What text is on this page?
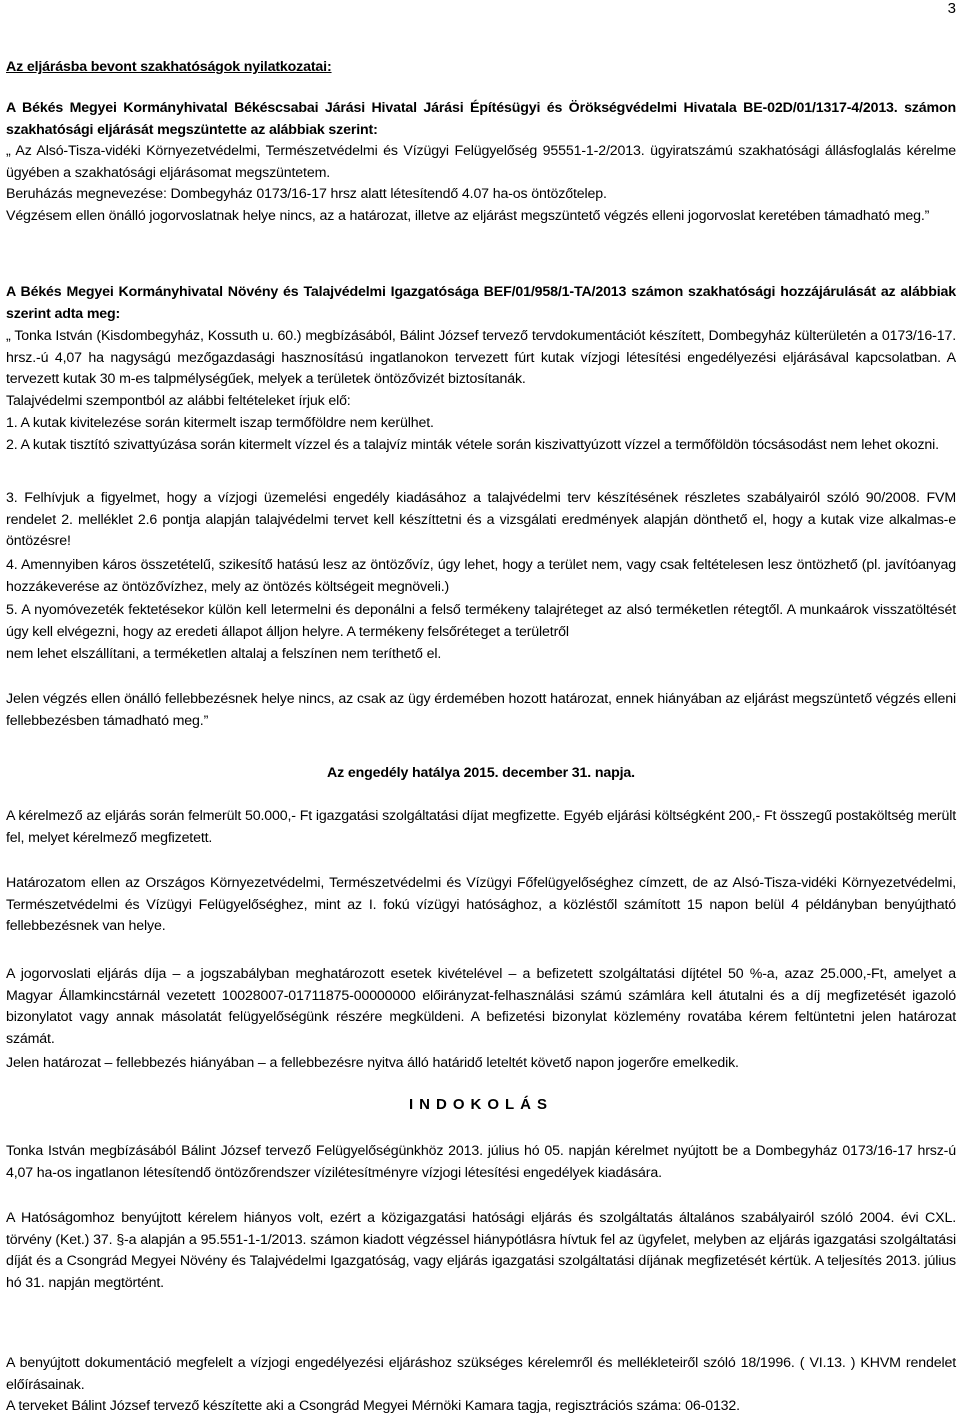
3
Az eljárásba bevont szakhatóságok nyilatkozatai:
A Békés Megyei Kormányhivatal Békéscsabai Járási Hivatal Járási Építésügyi és Örökségvédelmi Hivatala BE-02D/01/1317-4/2013. számon szakhatósági eljárását megszüntette az alábbiak szerint:
„ Az Alsó-Tisza-vidéki Környezetvédelmi, Természetvédelmi és Vízügyi Felügyelőség 95551-1-2/2013. ügyiratszámú szakhatósági állásfoglalás kérelme ügyében a szakhatósági eljárásomat megszüntetem.
Beruházás megnevezése: Dombegyház 0173/16-17 hrsz alatt létesítendő 4.07 ha-os öntözőtelep.
Végzésem ellen önálló jogorvoslatnak helye nincs, az a határozat, illetve az eljárást megszüntető végzés elleni jogorvoslat keretében támadható meg.”
A Békés Megyei Kormányhivatal Növény és Talajvédelmi Igazgatósága BEF/01/958/1-TA/2013 számon szakhatósági hozzájárulását az alábbiak szerint adta meg:
„ Tonka István (Kisdombegyház, Kossuth u. 60.) megbízásából, Bálint József tervező tervdokumentációt készített, Dombegyház külterületén a 0173/16-17. hrsz.-ú 4,07 ha nagyságú mezőgazdasági hasznosítású ingatlanokon tervezett fúrt kutak vízjogi létesítési engedélyezési eljárásával kapcsolatban. A tervezett kutak 30 m-es talpmélységűek, melyek a területek öntözővizét biztosítanák.
Talajvédelmi szempontból az alábbi feltételeket írjuk elő:
1. A kutak kivitelezése során kitermelt iszap termőföldre nem kerülhet.
2. A kutak tisztító szivattyúzása során kitermelt vízzel és a talajvíz minták vétele során kiszivattyúzott vízzel a termőföldön tócsásodást nem lehet okozni.
3. Felhívjuk a figyelmet, hogy a vízjogi üzemelési engedély kiadásához a talajvédelmi terv készítésének részletes szabályairól szóló 90/2008. FVM rendelet 2. melléklet 2.6 pontja alapján talajvédelmi tervet kell készíttetni és a vizsgálati eredmények alapján dönthető el, hogy a kutak vize alkalmas-e öntözésre!
4. Amennyiben káros összetételű, szikesítő hatású lesz az öntözővíz, úgy lehet, hogy a terület nem, vagy csak feltételesen lesz öntözhető (pl. javítóanyag hozzákeverése az öntözővízhez, mely az öntözés költségeit megnöveli.)
5. A nyomóvezeték fektetésekor külön kell letermelni és deponálni a felső termékeny talajréteget az alsó terméketlen rétegtől. A munkaárok visszatöltését úgy kell elvégezni, hogy az eredeti állapot álljon helyre. A termékeny felsőréteget a területről
nem lehet elszállítani, a terméketlen altalaj a felszínen nem teríthető el.
Jelen végzés ellen önálló fellebbezésnek helye nincs, az csak az ügy érdemében hozott határozat, ennek hiányában az eljárást megszüntető végzés elleni fellebbezésben támadható meg.”
Az engedély hatálya 2015. december 31. napja.
A kérelmező az eljárás során felmerült 50.000,- Ft igazgatási szolgáltatási díjat megfizette. Egyéb eljárási költségként 200,- Ft összegű postaköltség merült fel, melyet kérelmező megfizetett.
Határozatom ellen az Országos Környezetvédelmi, Természetvédelmi és Vízügyi Főfelügyelőséghez címzett, de az Alsó-Tisza-vidéki Környezetvédelmi, Természetvédelmi és Vízügyi Felügyelőséghez, mint az I. fokú vízügyi hatósághoz, a közléstől számított 15 napon belül 4 példányban benyújtható fellebbezésnek van helye.
A jogorvoslati eljárás díja – a jogszabályban meghatározott esetek kivételével – a befizetett szolgáltatási díjtétel 50 %-a, azaz 25.000,-Ft, amelyet a Magyar Államkincstárnál vezetett 10028007-01711875-00000000 előirányzat-felhasználási számú számlára kell átutalni és a díj megfizetését igazoló bizonylatot vagy annak másolatát felügyelőségünk részére megküldeni. A befizetési bizonylat közlemény rovatába kérem feltüntetni jelen határozat számát.
Jelen határozat – fellebbezés hiányában – a fellebbezésre nyitva álló határidő leteltét követő napon jogerőre emelkedik.
INDOKOLÁS
Tonka István megbízásából Bálint József tervező Felügyelőségünkhöz 2013. július hó 05. napján kérelmet nyújtott be a Dombegyház 0173/16-17 hrsz-ú 4,07 ha-os ingatlanon létesítendő öntözőrendszer vízilétesítményre vízjogi létesítési engedélyek kiadására.
A Hatóságomhoz benyújtott kérelem hiányos volt, ezért a közigazgatási hatósági eljárás és szolgáltatás általános szabályairól szóló 2004. évi CXL. törvény (Ket.) 37. §-a alapján a 95.551-1-1/2013. számon kiadott végzéssel hiánypótlásra hívtuk fel az ügyfelet, melyben az eljárás igazgatási szolgáltatási díját és a Csongrád Megyei Növény és Talajvédelmi Igazgatóság, vagy eljárás igazgatási szolgáltatási díjának megfizetését kértük. A teljesítés 2013. július hó 31. napján megtörtént.
A benyújtott dokumentáció megfelelt a vízjogi engedélyezési eljáráshoz szükséges kérelemről és mellékleteiről szóló 18/1996. ( VI.13. ) KHVM rendelet előírásainak.
A terveket Bálint József tervező készítette aki a Csongrád Megyei Mérnöki Kamara tagja, regisztrációs száma: 06-0132.
